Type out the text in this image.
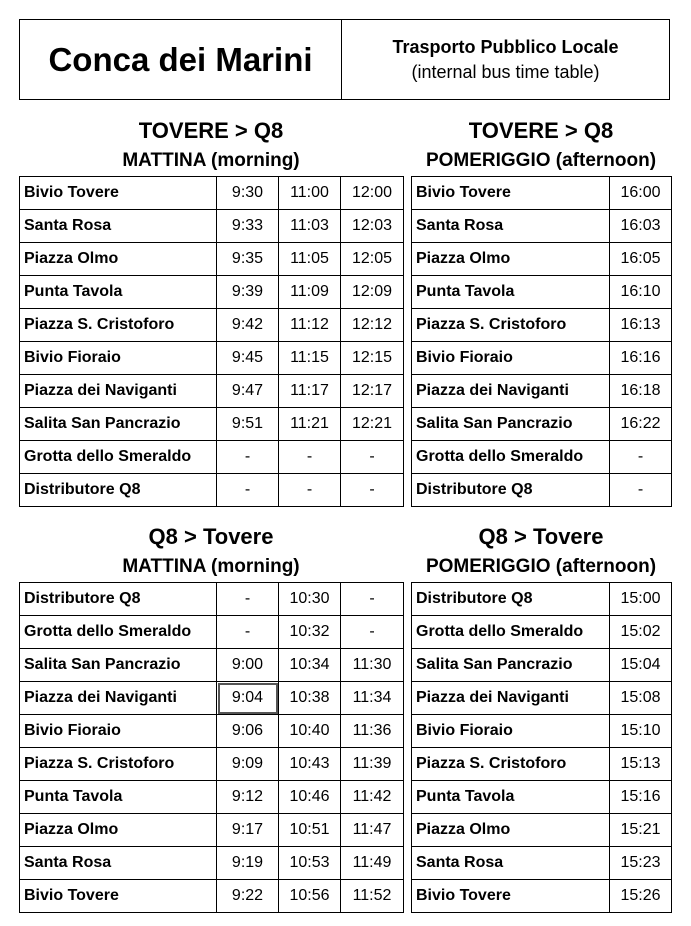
Conca dei Marini	Trasporto Pubblico Locale
(internal bus time table)
TOVERE > Q8
MATTINA (morning)
Bivio Tovere	9:30	11:00	12:00
Santa Rosa	9:33	11:03	12:03
Piazza Olmo	9:35	11:05	12:05
Punta Tavola	9:39	11:09	12:09
Piazza S. Cristoforo	9:42	11:12	12:12
Bivio Fioraio	9:45	11:15	12:15
Piazza dei Naviganti	9:47	11:17	12:17
Salita San Pancrazio	9:51	11:21	12:21
Grotta dello Smeraldo	-	-	-
Distributore Q8	-	-	-
TOVERE > Q8
POMERIGGIO (afternoon)
Bivio Tovere	16:00
Santa Rosa	16:03
Piazza Olmo	16:05
Punta Tavola	16:10
Piazza S. Cristoforo	16:13
Bivio Fioraio	16:16
Piazza dei Naviganti	16:18
Salita San Pancrazio	16:22
Grotta dello Smeraldo	-
Distributore Q8	-
Q8 > Tovere
MATTINA (morning)
Distributore Q8	-	10:30	-
Grotta dello Smeraldo	-	10:32	-
Salita San Pancrazio	9:00	10:34	11:30
Piazza dei Naviganti	9:04	10:38	11:34
Bivio Fioraio	9:06	10:40	11:36
Piazza S. Cristoforo	9:09	10:43	11:39
Punta Tavola	9:12	10:46	11:42
Piazza Olmo	9:17	10:51	11:47
Santa Rosa	9:19	10:53	11:49
Bivio Tovere	9:22	10:56	11:52
Q8 > Tovere
POMERIGGIO (afternoon)
Distributore Q8	15:00
Grotta dello Smeraldo	15:02
Salita San Pancrazio	15:04
Piazza dei Naviganti	15:08
Bivio Fioraio	15:10
Piazza S. Cristoforo	15:13
Punta Tavola	15:16
Piazza Olmo	15:21
Santa Rosa	15:23
Bivio Tovere	15:26
